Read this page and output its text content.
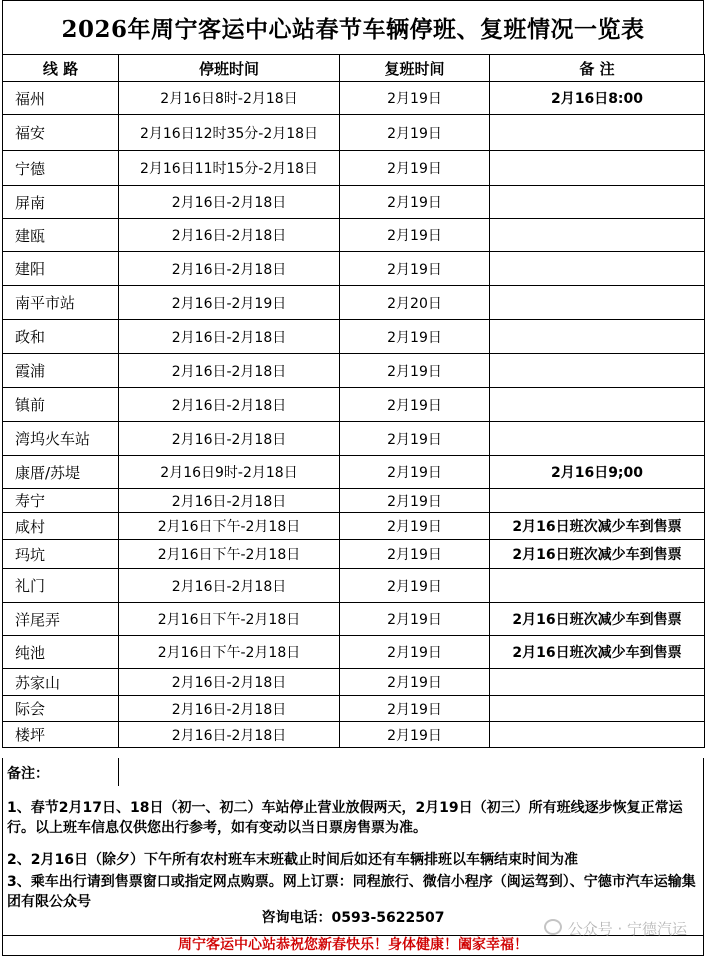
2026年周宁客运中心站春节车辆停班、复班情况一览表
线 路	停班时间	复班时间	备 注
福州	2月16日8时-2月18日	2月19日	2月16日8:00
福安	2月16日12时35分-2月18日	2月19日	
宁德	2月16日11时15分-2月18日	2月19日	
屏南	2月16日-2月18日	2月19日	
建瓯	2月16日-2月18日	2月19日	
建阳	2月16日-2月18日	2月19日	
南平市站	2月16日-2月19日	2月20日	
政和	2月16日-2月18日	2月19日	
霞浦	2月16日-2月18日	2月19日	
镇前	2月16日-2月18日	2月19日	
湾坞火车站	2月16日-2月18日	2月19日	
康厝/苏堤	2月16日9时-2月18日	2月19日	2月16日9;00
寿宁	2月16日-2月18日	2月19日	
咸村	2月16日下午-2月18日	2月19日	2月16日班次减少车到售票
玛坑	2月16日下午-2月18日	2月19日	2月16日班次减少车到售票
礼门	2月16日-2月18日	2月19日	
洋尾弄	2月16日下午-2月18日	2月19日	2月16日班次减少车到售票
纯池	2月16日下午-2月18日	2月19日	2月16日班次减少车到售票
苏家山	2月16日-2月18日	2月19日	
际会	2月16日-2月18日	2月19日	
楼坪	2月16日-2月18日	2月19日	
备注：
1、春节2月17日、18日（初一、初二）车站停止营业放假两天，2月19日（初三）所有班线逐步恢复正常运行。以上班车信息仅供您出行参考，如有变动以当日票房售票为准。
2、2月16日（除夕）下午所有农村班车末班截止时间后如还有车辆排班以车辆结束时间为准
3、乘车出行请到售票窗口或指定网点购票。网上订票：同程旅行、微信小程序（闽运驾到）、宁德市汽车运输集团有限公众号
咨询电话：0593-5622507
公众号 · 宁德汽运
周宁客运中心站恭祝您新春快乐！身体健康！阖家幸福！
